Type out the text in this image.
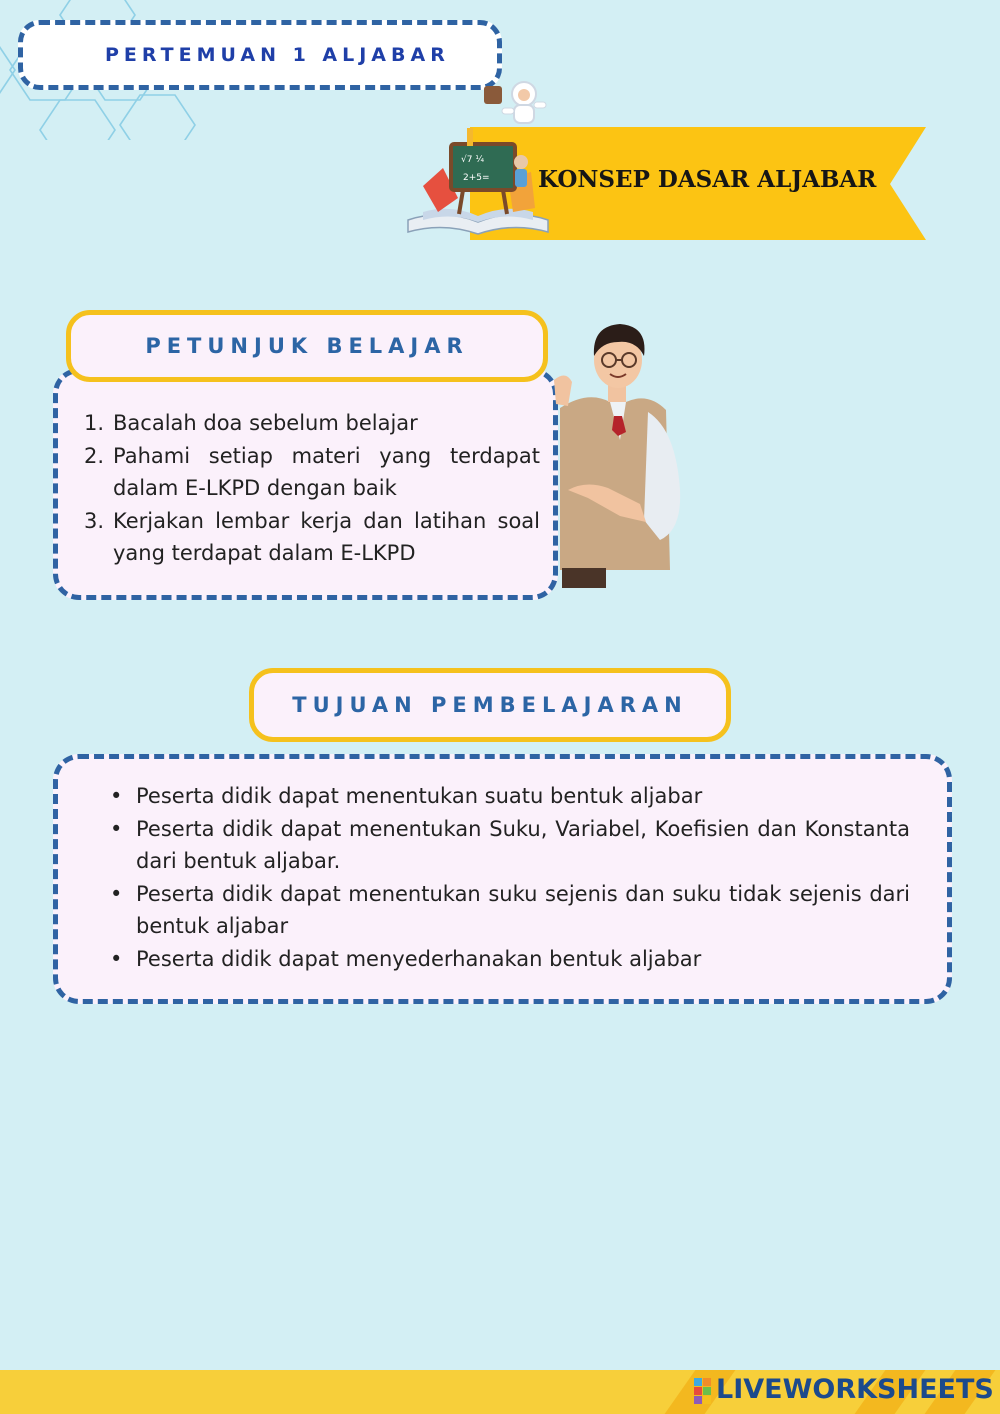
PERTEMUAN 1 ALJABAR
√7 ¼
2+5= KONSEP DASAR ALJABAR
1. Bacalah doa sebelum belajar
2. Pahami setiap materi yang terdapat dalam E-LKPD dengan baik
3. Kerjakan lembar kerja dan latihan soal yang terdapat dalam E-LKPD
PETUNJUK BELAJAR
• Peserta didik dapat menentukan suatu bentuk aljabar
• Peserta didik dapat menentukan Suku, Variabel, Koefisien dan Konstanta dari bentuk aljabar.
• Peserta didik dapat menentukan suku sejenis dan suku tidak sejenis dari bentuk aljabar
• Peserta didik dapat menyederhanakan bentuk aljabar
TUJUAN PEMBELAJARAN
LIVEWORKSHEETS
